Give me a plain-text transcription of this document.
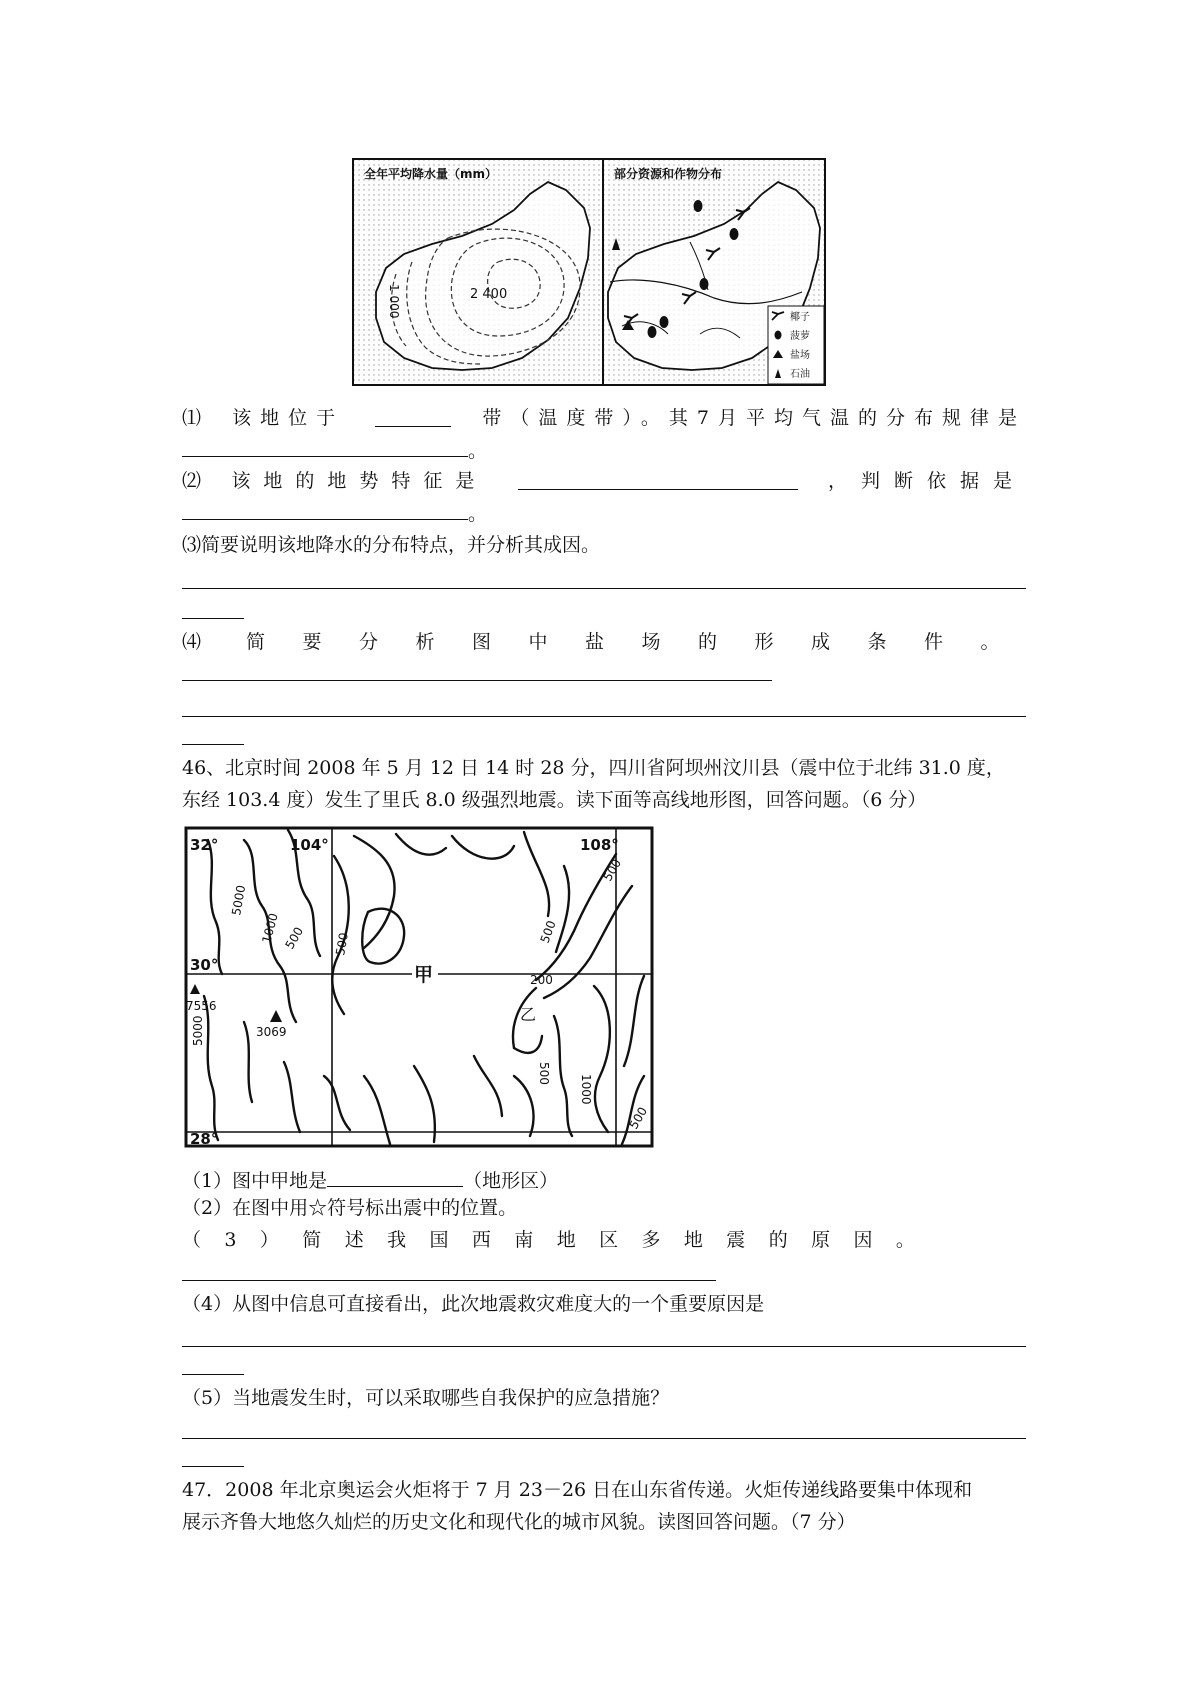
全年平均降水量（mm）
2 400
1 000
部分资源和作物分布
椰子
菠萝
盐场
石油
⑴ 该地位于	带（温度带）。其7月平均气温的分布规律是
。
⑵ 该地的地势特征是	，判断依据是
。
⑶简要说明该地降水的分布特点，并分析其成因。
⑷ 简要分析图中盐场的形成条件。
46、北京时间 2008 年 5 月 12 日 14 时 28 分，四川省阿坝州汶川县（震中位于北纬 31.0 度，
东经 103.4 度）发生了里氏 8.0 级强烈地震。读下面等高线地形图，回答问题。（6 分）
32°
30°
28°
104°	108°
甲
乙
7556
3069
5000
1000 500 500
5000
500
200
500
1000
500
500
（1）图中甲地是	（地形区）
（2）在图中用☆符号标出震中的位置。
（3）简述我国西南地区多地震的原因。
（4）从图中信息可直接看出，此次地震救灾难度大的一个重要原因是
（5）当地震发生时，可以采取哪些自我保护的应急措施？
47．2008 年北京奥运会火炬将于 7 月 23－26 日在山东省传递。火炬传递线路要集中体现和
展示齐鲁大地悠久灿烂的历史文化和现代化的城市风貌。读图回答问题。（7 分）
